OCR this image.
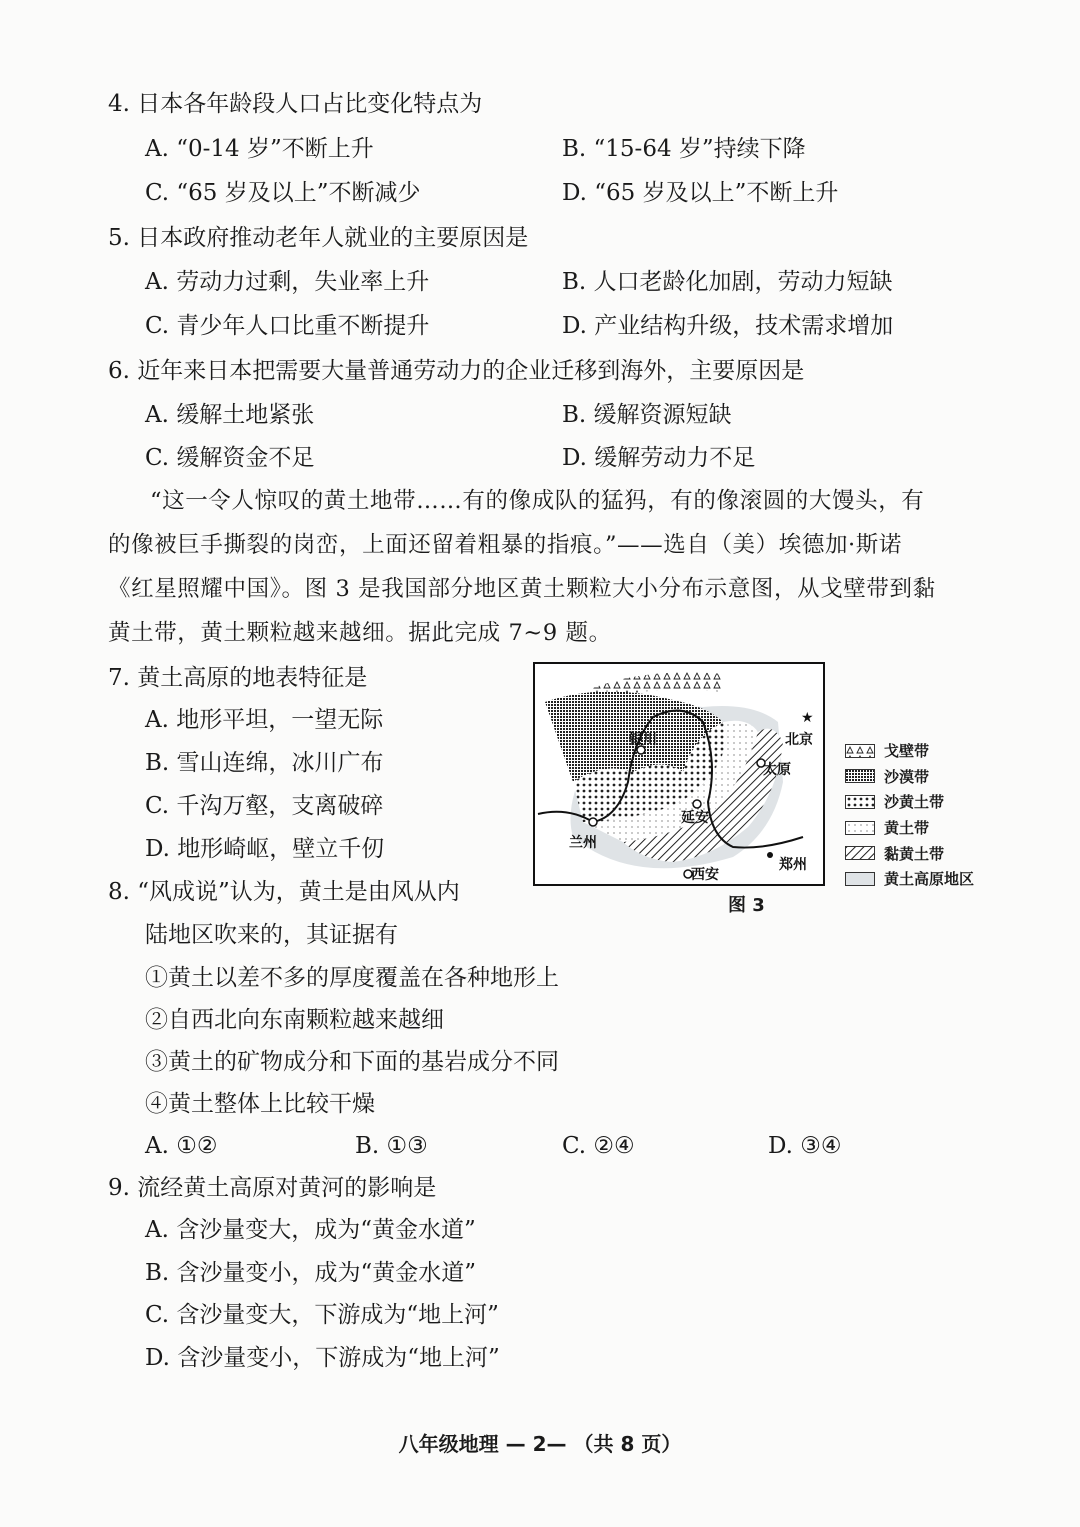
4. 日本各年龄段人口占比变化特点为
A. “0-14 岁”不断上升	B. “15-64 岁”持续下降
C. “65 岁及以上”不断减少	D. “65 岁及以上”不断上升
5. 日本政府推动老年人就业的主要原因是
A. 劳动力过剩，失业率上升	B. 人口老龄化加剧，劳动力短缺
C. 青少年人口比重不断提升	D. 产业结构升级，技术需求增加
6. 近年来日本把需要大量普通劳动力的企业迁移到海外，主要原因是
A. 缓解土地紧张	B. 缓解资源短缺
C. 缓解资金不足	D. 缓解劳动力不足
“这一令人惊叹的黄土地带……有的像成队的猛犸，有的像滚圆的大馒头，有
的像被巨手撕裂的岗峦，上面还留着粗暴的指痕。”——选自（美）埃德加·斯诺
《红星照耀中国》。图 3 是我国部分地区黄土颗粒大小分布示意图，从戈壁带到黏
黄土带，黄土颗粒越来越细。据此完成 7~9 题。
7. 黄土高原的地表特征是
A. 地形平坦，一望无际
B. 雪山连绵，冰川广布
C. 千沟万壑，支离破碎
D. 地形崎岖，壁立千仞
★
北京
银川
太原
延安
兰州
郑州
西安
戈壁带
沙漠带
沙黄土带
黄土带
黏黄土带
黄土高原地区
图 3
8. “风成说”认为，黄土是由风从内
陆地区吹来的，其证据有
①黄土以差不多的厚度覆盖在各种地形上
②自西北向东南颗粒越来越细
③黄土的矿物成分和下面的基岩成分不同
④黄土整体上比较干燥
A. ①②	B. ①③	C. ②④	D. ③④
9. 流经黄土高原对黄河的影响是
A. 含沙量变大，成为“黄金水道”
B. 含沙量变小，成为“黄金水道”
C. 含沙量变大，下游成为“地上河”
D. 含沙量变小，下游成为“地上河”
八年级地理 — 2— （共 8 页）
